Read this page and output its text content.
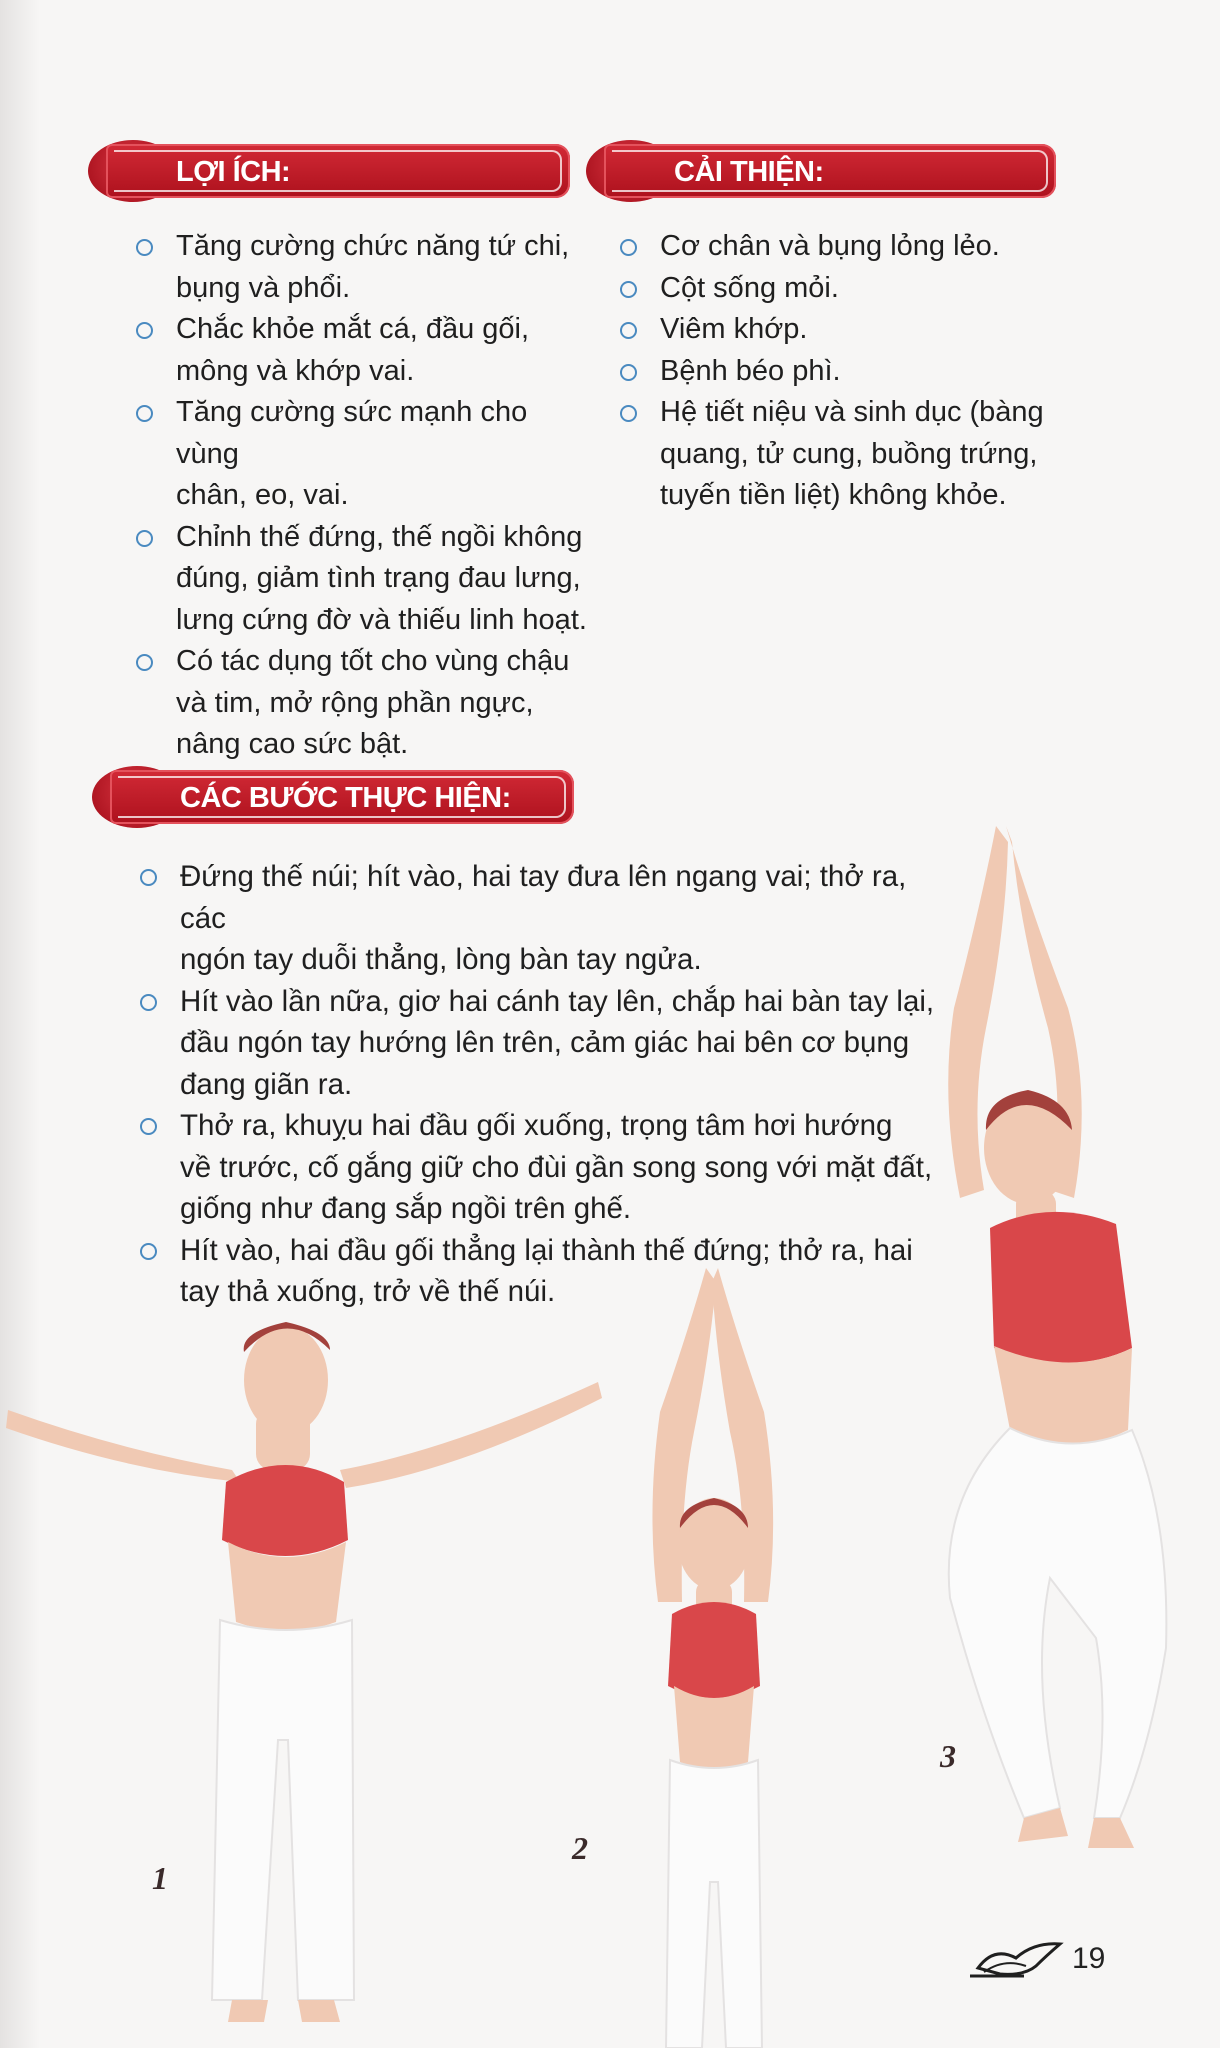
LỢI ÍCH:
Tăng cường chức năng tứ chi,
bụng và phổi.
Chắc khỏe mắt cá, đầu gối,
mông và khớp vai.
Tăng cường sức mạnh cho vùng
chân, eo, vai.
Chỉnh thế đứng, thế ngồi không
đúng, giảm tình trạng đau lưng,
lưng cứng đờ và thiếu linh hoạt.
Có tác dụng tốt cho vùng chậu
và tim, mở rộng phần ngực,
nâng cao sức bật.
CẢI THIỆN:
Cơ chân và bụng lỏng lẻo.
Cột sống mỏi.
Viêm khớp.
Bệnh béo phì.
Hệ tiết niệu và sinh dục (bàng
quang, tử cung, buồng trứng,
tuyến tiền liệt) không khỏe.
CÁC BƯỚC THỰC HIỆN:
Đứng thế núi; hít vào, hai tay đưa lên ngang vai; thở ra, các
ngón tay duỗi thẳng, lòng bàn tay ngửa.
Hít vào lần nữa, giơ hai cánh tay lên, chắp hai bàn tay lại,
đầu ngón tay hướng lên trên, cảm giác hai bên cơ bụng
đang giãn ra.
Thở ra, khuỵu hai đầu gối xuống, trọng tâm hơi hướng
về trước, cố gắng giữ cho đùi gần song song với mặt đất,
giống như đang sắp ngồi trên ghế.
Hít vào, hai đầu gối thẳng lại thành thế đứng; thở ra, hai
tay thả xuống, trở về thế núi.
1
2
3
19
